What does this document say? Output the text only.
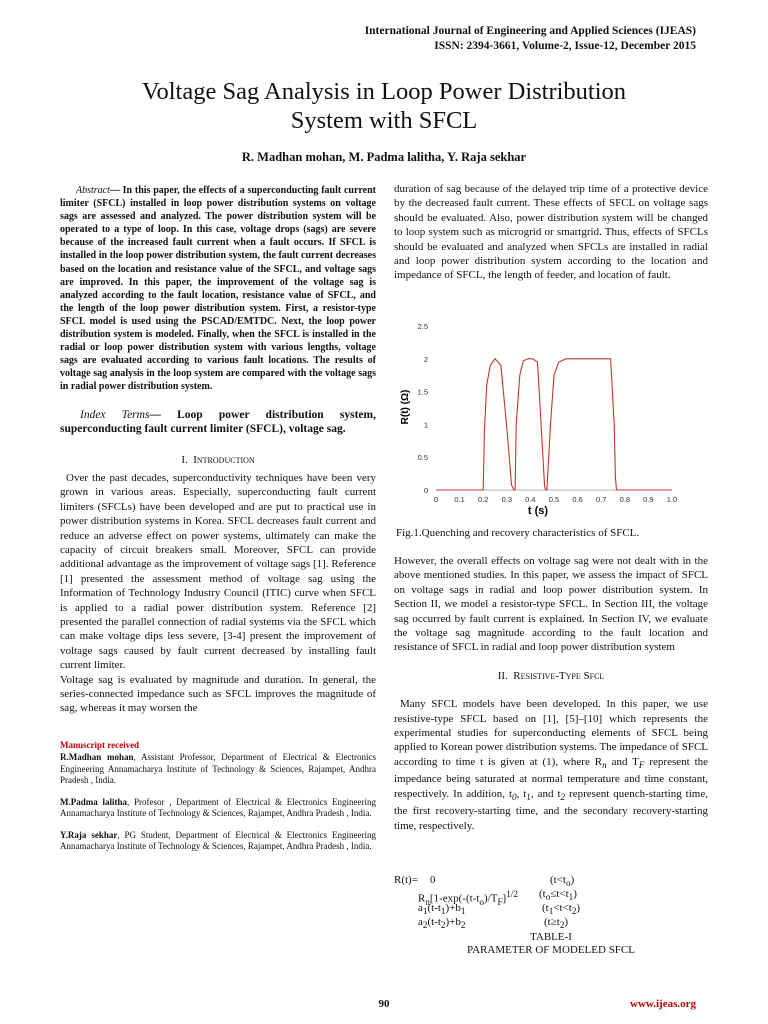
International Journal of Engineering and Applied Sciences (IJEAS)
ISSN: 2394-3661, Volume-2, Issue-12, December 2015
Voltage Sag Analysis in Loop Power Distribution
System with SFCL
R. Madhan mohan, M. Padma lalitha, Y. Raja sekhar
Abstract— In this paper, the effects of a superconducting fault current limiter (SFCL) installed in loop power distribution systems on voltage sags are assessed and analyzed. The power distribution system will be operated to a type of loop. In this case, voltage drops (sags) are severe because of the increased fault current when a fault occurs. If SFCL is installed in the loop power distribution system, the fault current decreases based on the location and resistance value of the SFCL, and voltage sags are improved. In this paper, the improvement of the voltage sag is analyzed according to the fault location, resistance value of SFCL, and the length of the loop power distribution system. First, a resistor-type SFCL model is used using the PSCAD/EMTDC. Next, the loop power distribution system is modeled. Finally, when the SFCL is installed in the radial or loop power distribution system with various lengths, voltage sags are evaluated according to various fault locations. The results of voltage sag analysis in the loop system are compared with the voltage sags in radial power distribution system.
Index Terms— Loop power distribution system, superconducting fault current limiter (SFCL), voltage sag.
I. Introduction

Over the past decades, superconductivity techniques have been very grown in various areas. Especially, superconducting fault current limiters (SFCLs) have been developed and are put to practical use in power distribution systems in Korea. SFCL decreases fault current and reduce an adverse effect on power systems, ultimately can make the capacity of circuit breakers small. Moreover, SFCL can provide additional advantage as the improvement of voltage sags [1]. Reference [1] presented the assessment method of voltage sag using the Information of Technology Industry Council (ITIC) curve when SFCL is applied to a radial power distribution system. Reference [2] presented the parallel connection of radial systems via the SFCL which can make voltage dips less severe, [3-4] present the improvement of voltage sags caused by fault current decreased by installing fault current limiter.

Voltage sag is evaluated by magnitude and duration. In general, the series-connected impedance such as SFCL improves the magnitude of sag, whereas it may worsen the

Manuscript received
R.Madhan mohan, Assistant Professor, Department of Electrical & Electronics Engineering Annamacharya Institute of Technology & Sciences, Rajampet, Andhra Pradesh , India.
M.Padma lalitha, Profesor , Department of Electrical & Electronics Engineering Annamacharya Institute of Technology & Sciences, Rajampet, Andhra Pradesh , India.
Y.Raja sekhar, PG Student, Department of Electrical & Electronics Engineering Annamacharya Institute of Technology & Sciences, Rajampet, Andhra Pradesh , India.

duration of sag because of the delayed trip time of a protective device by the decreased fault current. These effects of SFCL on voltage sags should be evaluated. Also, power distribution system will be changed to loop system such as microgrid or smartgrid. Thus, effects of SFCLs should be evaluated and analyzed when SFCLs are installed in radial and loop power distribution system according to the location and impedance of SFCL, the length of feeder, and location of fault.

0
0.5
1
1.5
2
2.5
0 0.1 0.2 0.3 0.4 0.5 0.6 0.7 0.8 0.9 1.0
R(t) (Ω)
t (s)
Fig.1.Quenching and recovery characteristics of SFCL.

However, the overall effects on voltage sag were not dealt with in the above mentioned studies. In this paper, we assess the impact of SFCL on voltage sags in radial and loop power distribution system. In Section II, we model a resistor-type SFCL. In Section III, the voltage sag occurred by fault current is explained. In Section IV, we evaluate the voltage sag magnitude according to the fault location and resistance of SFCL in radial and loop power distribution system

II. Resistive-Type Sfcl

Many SFCL models have been developed. In this paper, we use resistive-type SFCL based on [1], [5]–[10] which represents the experimental studies for superconducting elements of SFCL being applied to Korean power distribution systems. The impedance of SFCL according to time t is given at (1), where $R_n$ and $T_F$ represent the impedance being saturated at normal temperature and time constant, respectively. In addition, $t_0$, $t_1$, and $t_2$ represent quench-starting time, the first recovery-starting time, and the secondary recovery-starting time, respectively.

R(t)= 0	$(t<t_o)$
$R_n[1-\exp(-(t-t_o)/T_F]^{1/2}$ $(t_o\le t<t_1)$
$a_1(t-t_1)+b_1$	$(t_1<t<t_2)$
$a_2(t-t_2)+b_2$	$(t\ge t_2)$
TABLE-I
PARAMETER OF MODELED SFCL
90	www.ijeas.org
